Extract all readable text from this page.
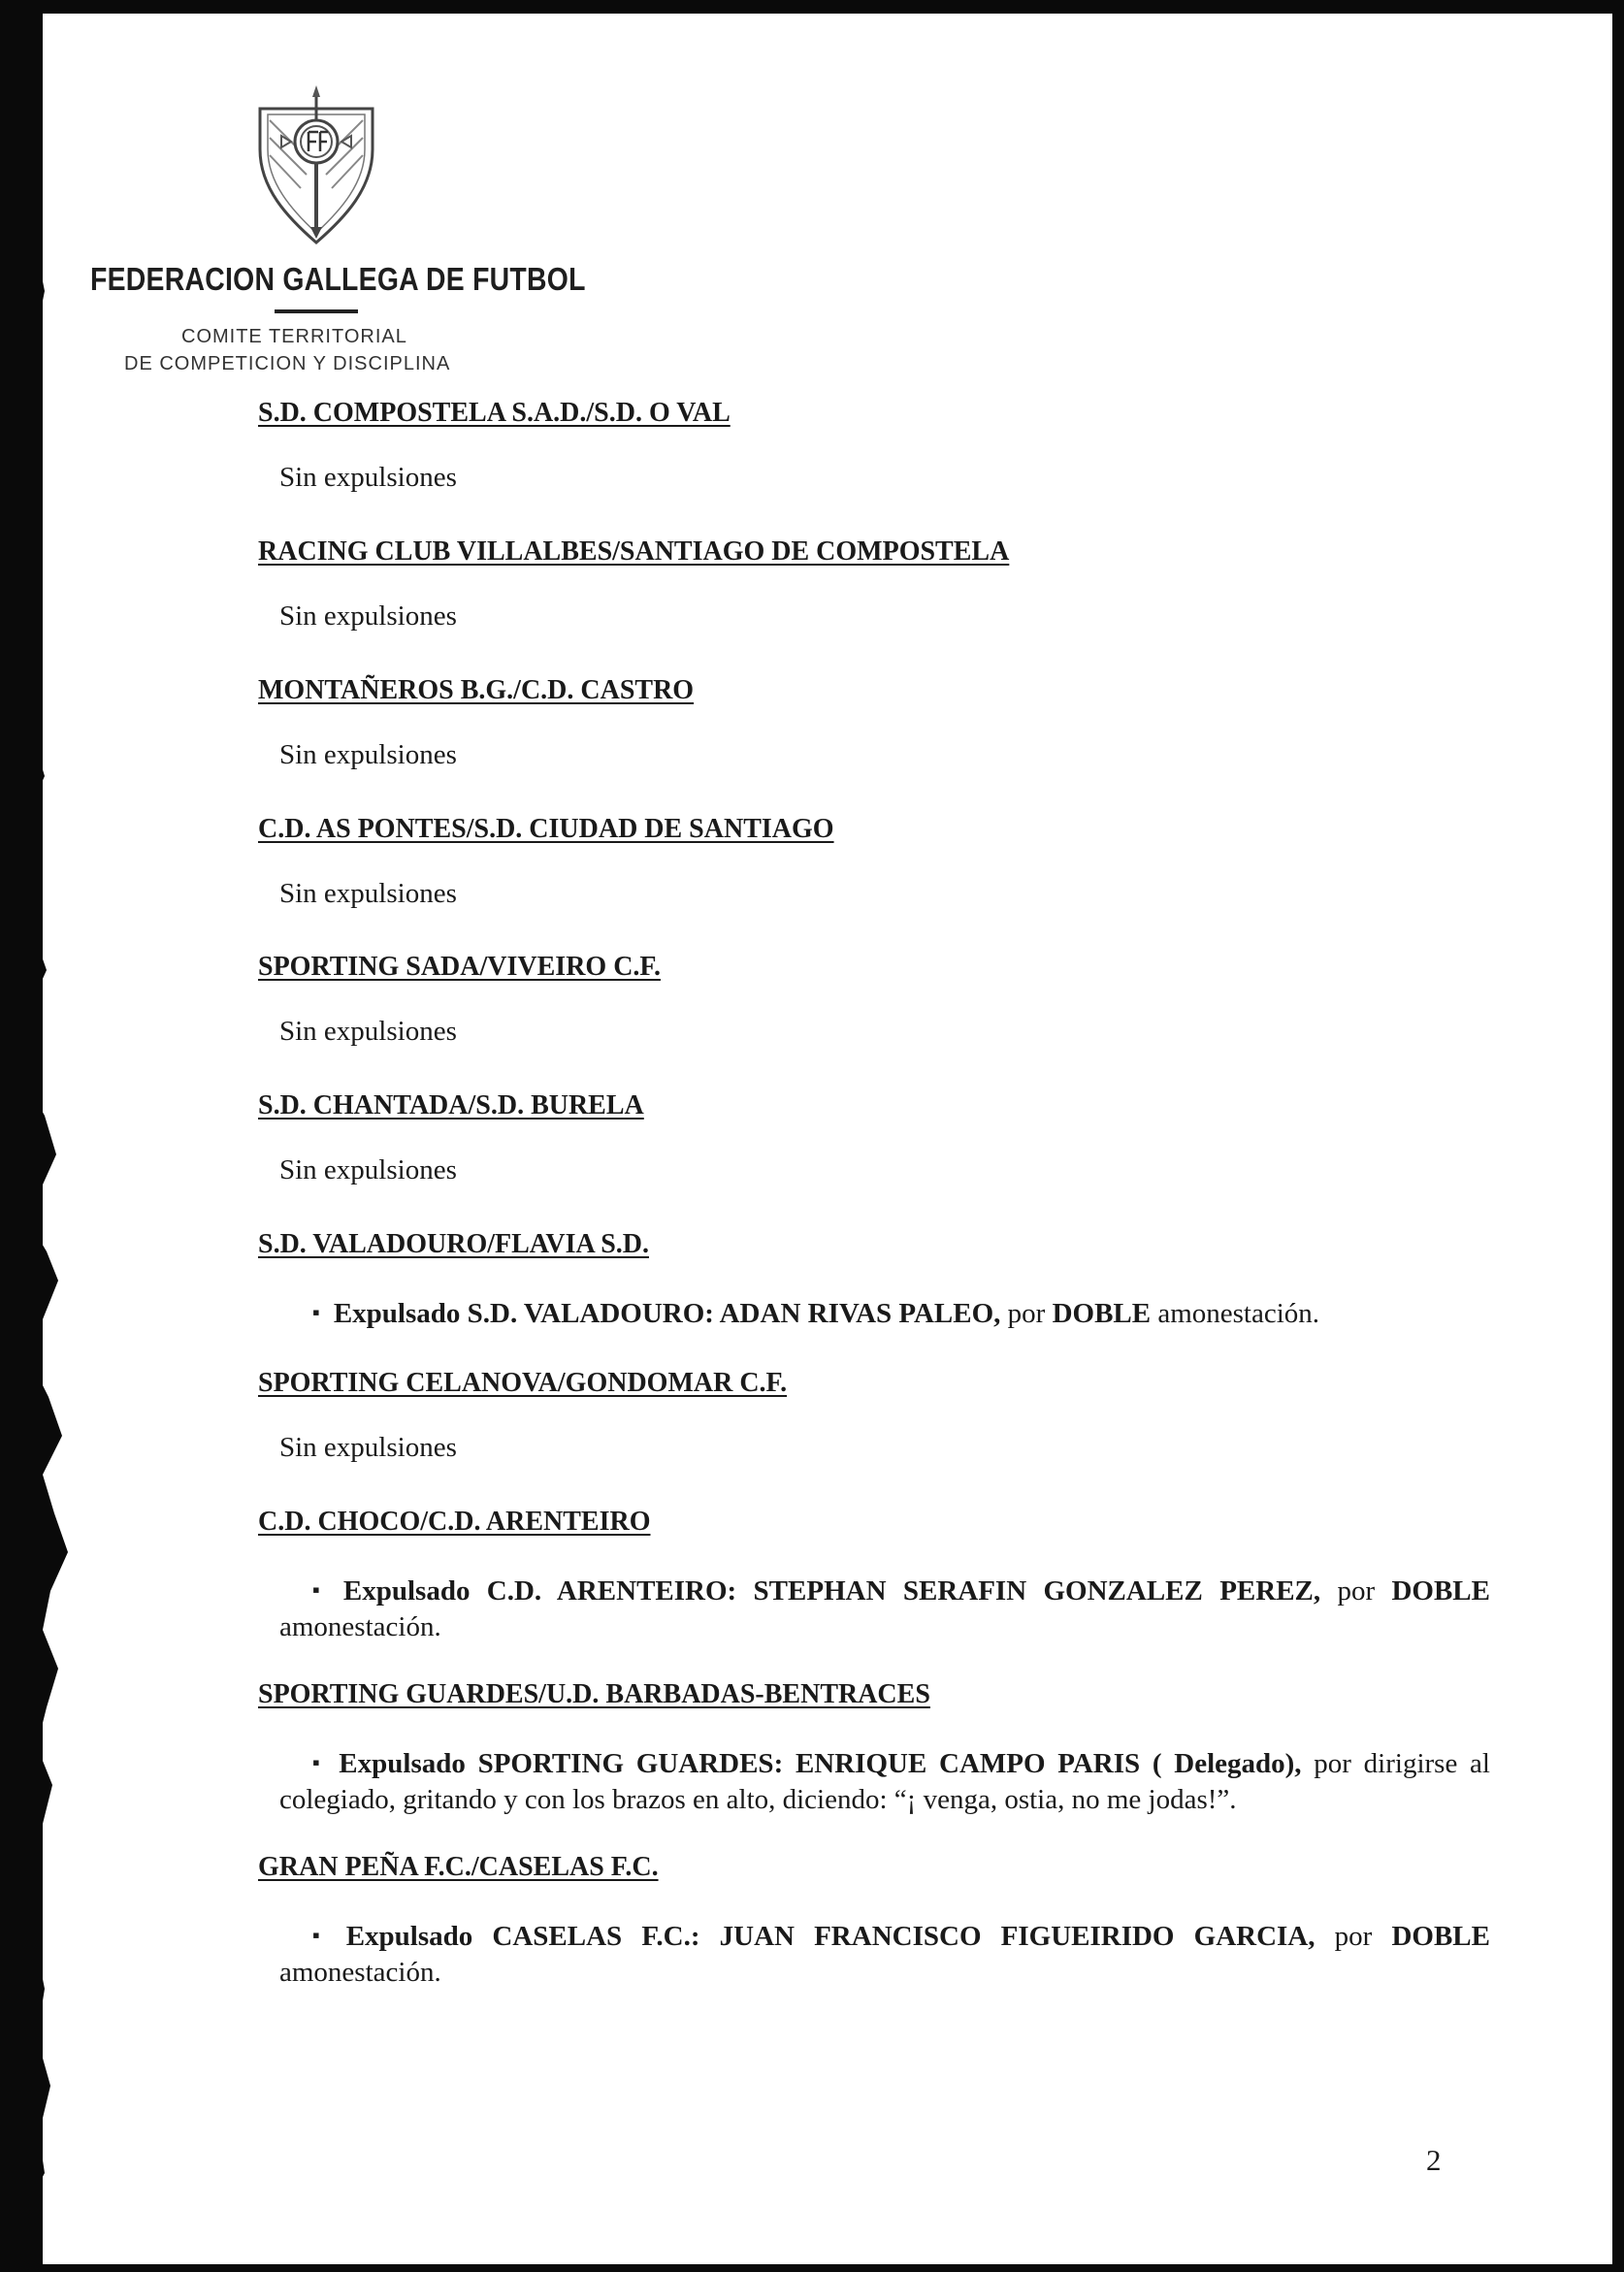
FEDERACION GALLEGA DE FUTBOL
COMITE TERRITORIAL
DE COMPETICION Y DISCIPLINA
S.D. COMPOSTELA S.A.D./S.D. O VAL
Sin expulsiones
RACING CLUB VILLALBES/SANTIAGO DE COMPOSTELA
Sin expulsiones
MONTAÑEROS B.G./C.D. CASTRO
Sin expulsiones
C.D. AS PONTES/S.D. CIUDAD DE SANTIAGO
Sin expulsiones
SPORTING SADA/VIVEIRO C.F.
Sin expulsiones
S.D. CHANTADA/S.D. BURELA
Sin expulsiones
S.D. VALADOURO/FLAVIA S.D.
▪ Expulsado S.D. VALADOURO: ADAN RIVAS PALEO, por DOBLE amonestación.
SPORTING CELANOVA/GONDOMAR C.F.
Sin expulsiones
C.D. CHOCO/C.D. ARENTEIRO
▪ Expulsado C.D. ARENTEIRO: STEPHAN SERAFIN GONZALEZ PEREZ, por DOBLE amonestación.
SPORTING GUARDES/U.D. BARBADAS-BENTRACES
▪ Expulsado SPORTING GUARDES: ENRIQUE CAMPO PARIS ( Delegado), por dirigirse al colegiado, gritando y con los brazos en alto, diciendo: “¡ venga, ostia, no me jodas!”.
GRAN PEÑA F.C./CASELAS F.C.
▪ Expulsado CASELAS F.C.: JUAN FRANCISCO FIGUEIRIDO GARCIA, por DOBLE amonestación.
2
